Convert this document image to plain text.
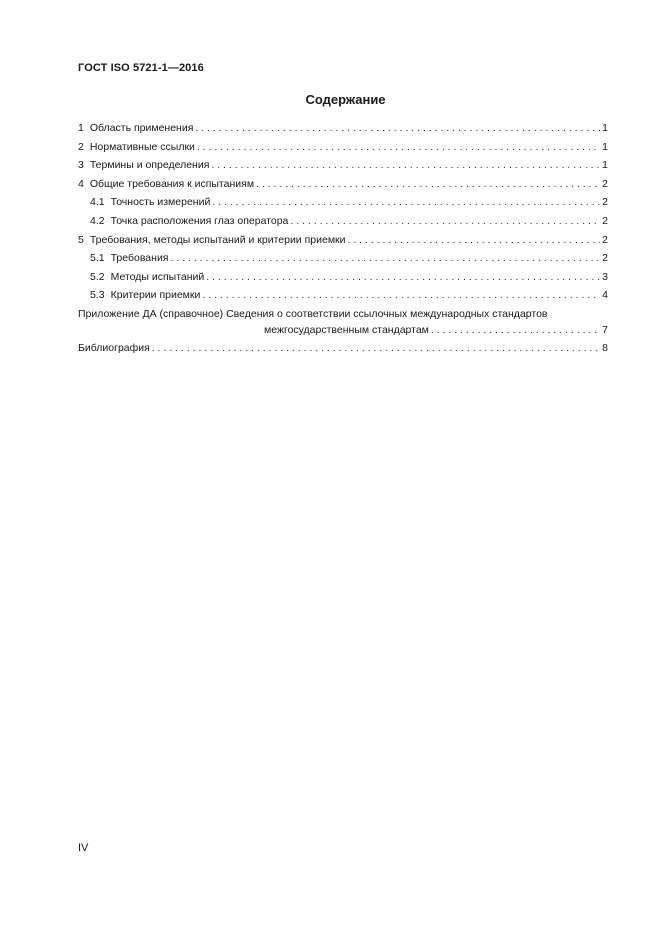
ГОСТ ISO 5721-1—2016
Содержание
1 Область применения . . .	1
2 Нормативные ссылки . . .	1
3 Термины и определения . . .	1
4 Общие требования к испытаниям . . .	2
4.1 Точность измерений . . .	2
4.2 Точка расположения глаз оператора . . .	2
5 Требования, методы испытаний и критерии приемки . . .	2
5.1 Требования . . .	2
5.2 Методы испытаний . . .	3
5.3 Критерии приемки . . .	4
Приложение ДА (справочное) Сведения о соответствии ссылочных международных стандартов
межгосударственным стандартам . . .	7
Библиография . . .	8
IV
